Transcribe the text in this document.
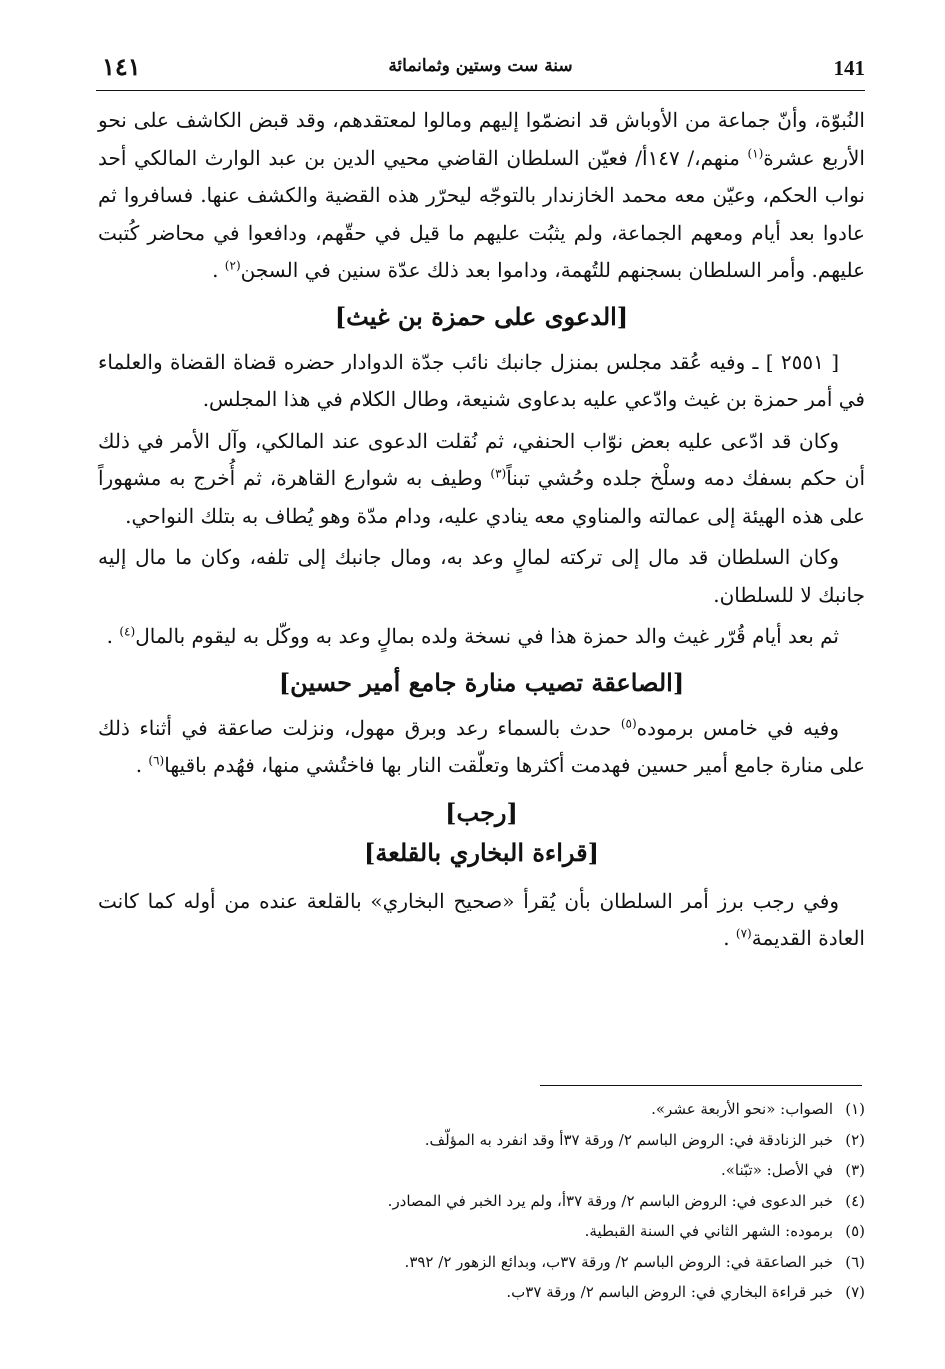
١٤١	سنة ست وستين وثمانمائة	141

النُبوّة، وأنّ جماعة من الأوباش قد انضمّوا إليهم ومالوا لمعتقدهم، وقد قبض الكاشف على نحو الأربع عشرة$^{(١)}$ منهم،/ ١٤٧أ/ فعيّن السلطان القاضي محيي الدين بن عبد الوارث المالكي أحد نواب الحكم، وعيّن معه محمد الخازندار بالتوجّه ليحرّر هذه القضية والكشف عنها. فسافروا ثم عادوا بعد أيام ومعهم الجماعة، ولم يثبُت عليهم ما قيل في حقّهم، ودافعوا في محاضر كُتبت عليهم. وأمر السلطان بسجنهم للتُهمة، وداموا بعد ذلك عدّة سنين في السجن$^{(٢)}$ .

[الدعوى على حمزة بن غيث]

[ ٢٥٥١ ] ـ وفيه عُقد مجلس بمنزل جانبك نائب جدّة الدوادار حضره قضاة القضاة والعلماء في أمر حمزة بن غيث وادّعي عليه بدعاوى شنيعة، وطال الكلام في هذا المجلس.

وكان قد ادّعى عليه بعض نوّاب الحنفي، ثم نُقلت الدعوى عند المالكي، وآل الأمر في ذلك أن حكم بسفك دمه وسلْخ جلده وحُشي تبناً$^{(٣)}$ وطيف به شوارع القاهرة، ثم أُخرج به مشهوراً على هذه الهيئة إلى عمالته والمناوي معه ينادي عليه، ودام مدّة وهو يُطاف به بتلك النواحي.

وكان السلطان قد مال إلى تركته لمالٍ وعد به، ومال جانبك إلى تلفه، وكان ما مال إليه جانبك لا للسلطان.

ثم بعد أيام قُرّر غيث والد حمزة هذا في نسخة ولده بمالٍ وعد به ووكّل به ليقوم بالمال$^{(٤)}$ .

[الصاعقة تصيب منارة جامع أمير حسين]

وفيه في خامس برموده$^{(٥)}$ حدث بالسماء رعد وبرق مهول، ونزلت صاعقة في أثناء ذلك على منارة جامع أمير حسين فهدمت أكثرها وتعلّقت النار بها فاختُشي منها، فهُدم باقيها$^{(٦)}$ .

[رجب]
[قراءة البخاري بالقلعة]

وفي رجب برز أمر السلطان بأن يُقرأ «صحيح البخاري» بالقلعة عنده من أوله كما كانت العادة القديمة$^{(٧)}$ .

(١)
الصواب: «نحو الأربعة عشر».
(٢)
خبر الزنادقة في: الروض الباسم ٢/ ورقة ٣٧أ وقد انفرد به المؤلّف.
(٣)
في الأصل: «تبّنا».
(٤)
خبر الدعوى في: الروض الباسم ٢/ ورقة ٣٧أ، ولم يرد الخبر في المصادر.
(٥)
برموده: الشهر الثاني في السنة القبطية.
(٦)
خبر الصاعقة في: الروض الباسم ٢/ ورقة ٣٧ب، وبدائع الزهور ٢/ ٣٩٢.
(٧)
خبر قراءة البخاري في: الروض الباسم ٢/ ورقة ٣٧ب.
